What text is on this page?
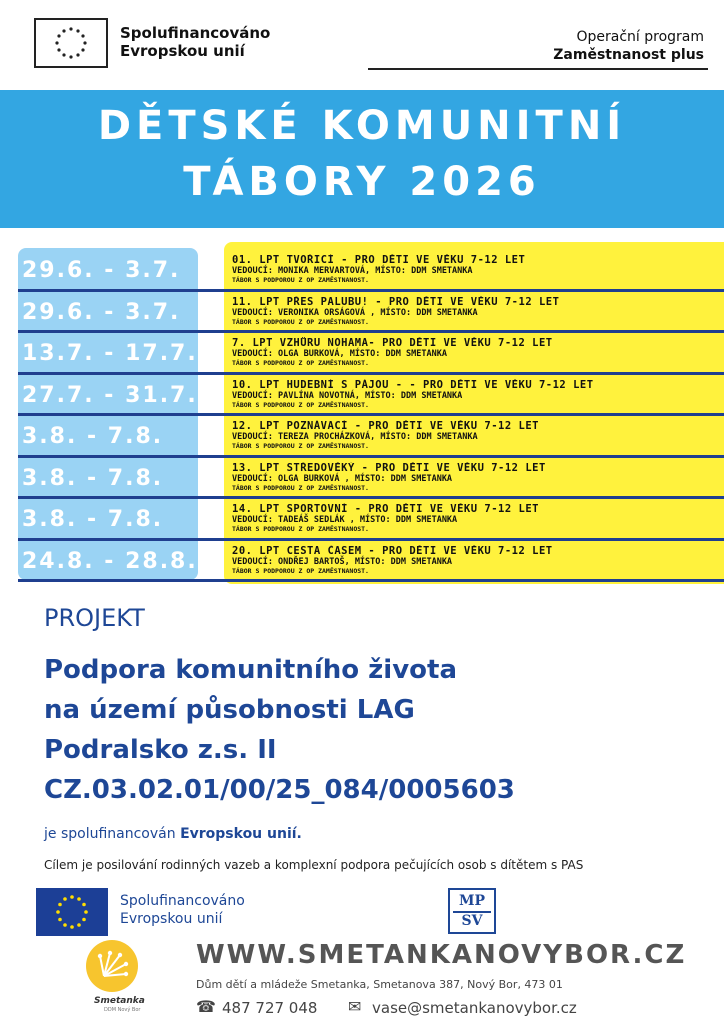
Spolufinancováno
Evropskou unií
Operační program
Zaměstnanost plus
DĚTSKÉ KOMUNITNÍ
TÁBORY 2026
29.6. - 3.7.	01. LPT TVOŘICÍ - PRO DĚTI VE VĚKU 7-12 LET
VEDOUCÍ: MONIKA MERVARTOVÁ, MÍSTO: DDM SMETANKA
TÁBOR S PODPOROU Z OP ZAMĚSTNANOST.
29.6. - 3.7.	11. LPT PŘES PALUBU! - PRO DĚTI VE VĚKU 7-12 LET
VEDOUCÍ: VERONIKA ORSÁGOVÁ , MÍSTO: DDM SMETANKA
TÁBOR S PODPOROU Z OP ZAMĚSTNANOST.
13.7. - 17.7.	7. LPT VZHŮRU NOHAMA- PRO DĚTI VE VĚKU 7-12 LET
VEDOUCÍ: OLGA BURKOVÁ, MÍSTO: DDM SMETANKA
TÁBOR S PODPOROU Z OP ZAMĚSTNANOST.
27.7. - 31.7.	10. LPT HUDEBNÍ S PÁJOU - - PRO DĚTI VE VĚKU 7-12 LET
VEDOUCÍ: PAVLÍNA NOVOTNÁ, MÍSTO: DDM SMETANKA
TÁBOR S PODPOROU Z OP ZAMĚSTNANOST.
3.8. - 7.8.	12. LPT POZNÁVACÍ - PRO DĚTI VE VĚKU 7-12 LET
VEDOUCÍ: TEREZA PROCHÁZKOVÁ, MÍSTO: DDM SMETANKA
TÁBOR S PODPOROU Z OP ZAMĚSTNANOST.
3.8. - 7.8.	13. LPT STŘEDOVĚKÝ - PRO DĚTI VE VĚKU 7-12 LET
VEDOUCÍ: OLGA BURKOVÁ , MÍSTO: DDM SMETANKA
TÁBOR S PODPOROU Z OP ZAMĚSTNANOST.
3.8. - 7.8.	14. LPT SPORTOVNÍ - PRO DĚTI VE VĚKU 7-12 LET
VEDOUCÍ: TADEÁŠ SEDLÁK , MÍSTO: DDM SMETANKA
TÁBOR S PODPOROU Z OP ZAMĚSTNANOST.
24.8. - 28.8.	20. LPT CESTA ČASEM - PRO DĚTI VE VĚKU 7-12 LET
VEDOUCÍ: ONDŘEJ BARTOŠ, MÍSTO: DDM SMETANKA
TÁBOR S PODPOROU Z OP ZAMĚSTNANOST.
PROJEKT
Podpora komunitního života
na území působnosti LAG
Podralsko z.s. II
CZ.03.02.01/00/25_084/0005603
je spolufinancován Evropskou unií.
Cílem je posilování rodinných vazeb a komplexní podpora pečujících osob s dítětem s PAS
Spolufinancováno
Evropskou unií
MP
SV
Smetanka
DDM Nový Bor
WWW.SMETANKANOVYBOR.CZ
Dům dětí a mládeže Smetanka, Smetanova 387, Nový Bor, 473 01
☎ 487 727 048 ✉ vase@smetankanovybor.cz
